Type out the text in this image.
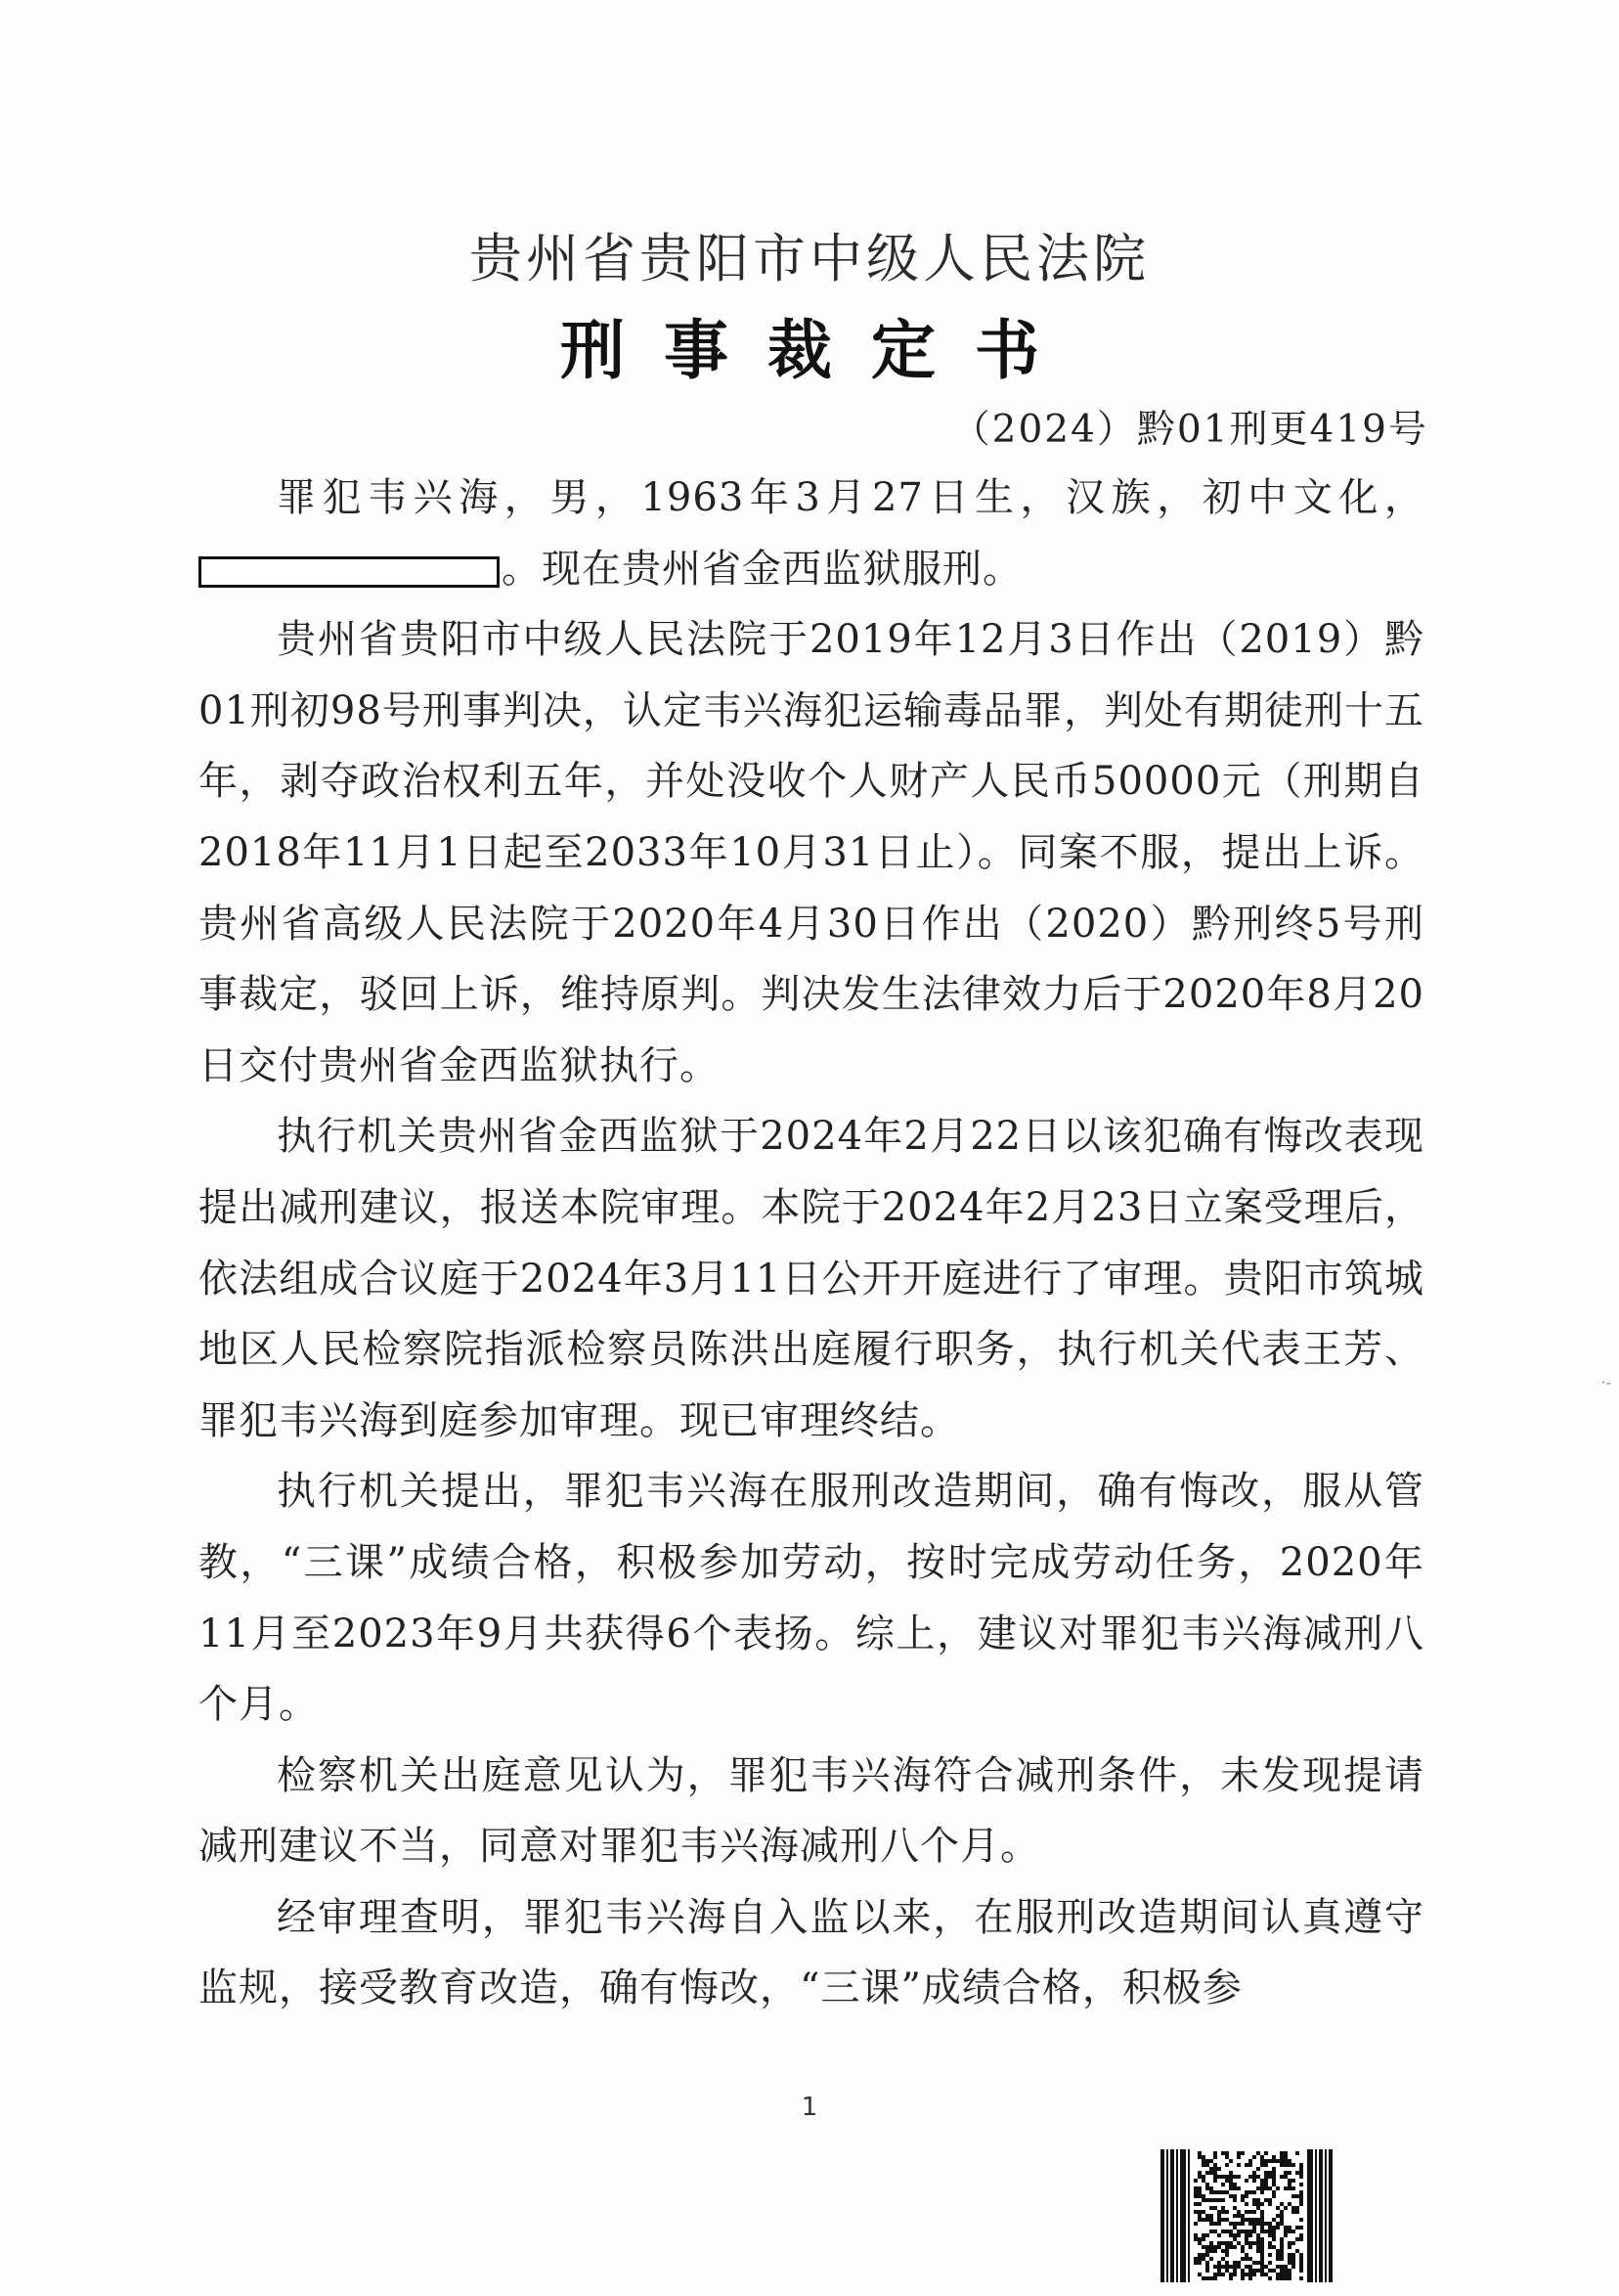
贵州省贵阳市中级人民法院
刑事裁定书
（2024）黔01刑更419号

罪犯韦兴海，男，1963年3月27日生，汉族，初中文化，。现在贵州省金西监狱服刑。

贵州省贵阳市中级人民法院于2019年12月3日作出（2019）黔01刑初98号刑事判决，认定韦兴海犯运输毒品罪，判处有期徒刑十五年，剥夺政治权利五年，并处没收个人财产人民币50000元（刑期自2018年11月1日起至2033年10月31日止）。同案不服，提出上诉。贵州省高级人民法院于2020年4月30日作出（2020）黔刑终5号刑事裁定，驳回上诉，维持原判。判决发生法律效力后于2020年8月20日交付贵州省金西监狱执行。

执行机关贵州省金西监狱于2024年2月22日以该犯确有悔改表现提出减刑建议，报送本院审理。本院于2024年2月23日立案受理后，依法组成合议庭于2024年3月11日公开开庭进行了审理。贵阳市筑城地区人民检察院指派检察员陈洪出庭履行职务，执行机关代表王芳、罪犯韦兴海到庭参加审理。现已审理终结。

执行机关提出，罪犯韦兴海在服刑改造期间，确有悔改，服从管教，“三课”成绩合格，积极参加劳动，按时完成劳动任务，2020年11月至2023年9月共获得6个表扬。综上，建议对罪犯韦兴海减刑八个月。

检察机关出庭意见认为，罪犯韦兴海符合减刑条件，未发现提请减刑建议不当，同意对罪犯韦兴海减刑八个月。

经审理查明，罪犯韦兴海自入监以来，在服刑改造期间认真遵守监规，接受教育改造，确有悔改，“三课”成绩合格，积极参

·-
1
